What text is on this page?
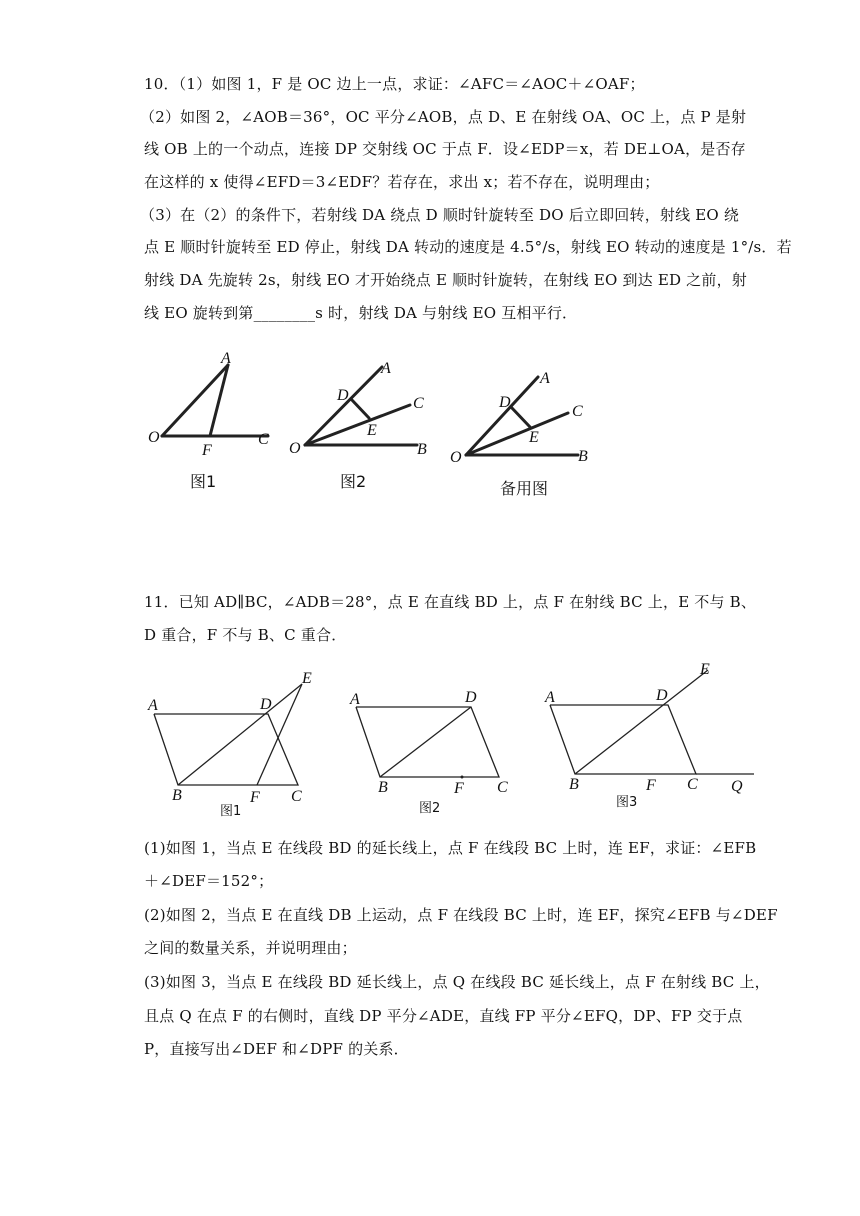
10．（1）如图 1，F 是 OC 边上一点，求证：∠AFC＝∠AOC＋∠OAF；
（2）如图 2，∠AOB＝36°，OC 平分∠AOB，点 D、E 在射线 OA、OC 上，点 P 是射
线 OB 上的一个动点，连接 DP 交射线 OC 于点 F．设∠EDP＝x，若 DE⊥OA，是否存
在这样的 x 使得∠EFD＝3∠EDF？若存在，求出 x；若不存在，说明理由；
（3）在（2）的条件下，若射线 DA 绕点 D 顺时针旋转至 DO 后立即回转，射线 EO 绕
点 E 顺时针旋转至 ED 停止，射线 DA 转动的速度是 4.5°/s，射线 EO 转动的速度是 1°/s．若
射线 DA 先旋转 2s，射线 EO 才开始绕点 E 顺时针旋转，在射线 EO 到达 ED 之前，射
线 EO 旋转到第________s 时，射线 DA 与射线 EO 互相平行．
A
O
F
C
图1
A
D	C
E
O	B
图2
A
D
C
E
O	B
备用图
11．已知 AD∥BC，∠ADB＝28°，点 E 在直线 BD 上，点 F 在射线 BC 上，E 不与 B、
D 重合，F 不与 B、C 重合．
A	D
E
B	F C
图1
A	D
B	F C
图2
A	D
E
B	F C Q
图3
(1)如图 1，当点 E 在线段 BD 的延长线上，点 F 在线段 BC 上时，连 EF，求证：∠EFB
＋∠DEF＝152°；
(2)如图 2，当点 E 在直线 DB 上运动，点 F 在线段 BC 上时，连 EF，探究∠EFB 与∠DEF
之间的数量关系，并说明理由；
(3)如图 3，当点 E 在线段 BD 延长线上，点 Q 在线段 BC 延长线上，点 F 在射线 BC 上，
且点 Q 在点 F 的右侧时，直线 DP 平分∠ADE，直线 FP 平分∠EFQ，DP、FP 交于点
P，直接写出∠DEF 和∠DPF 的关系．
